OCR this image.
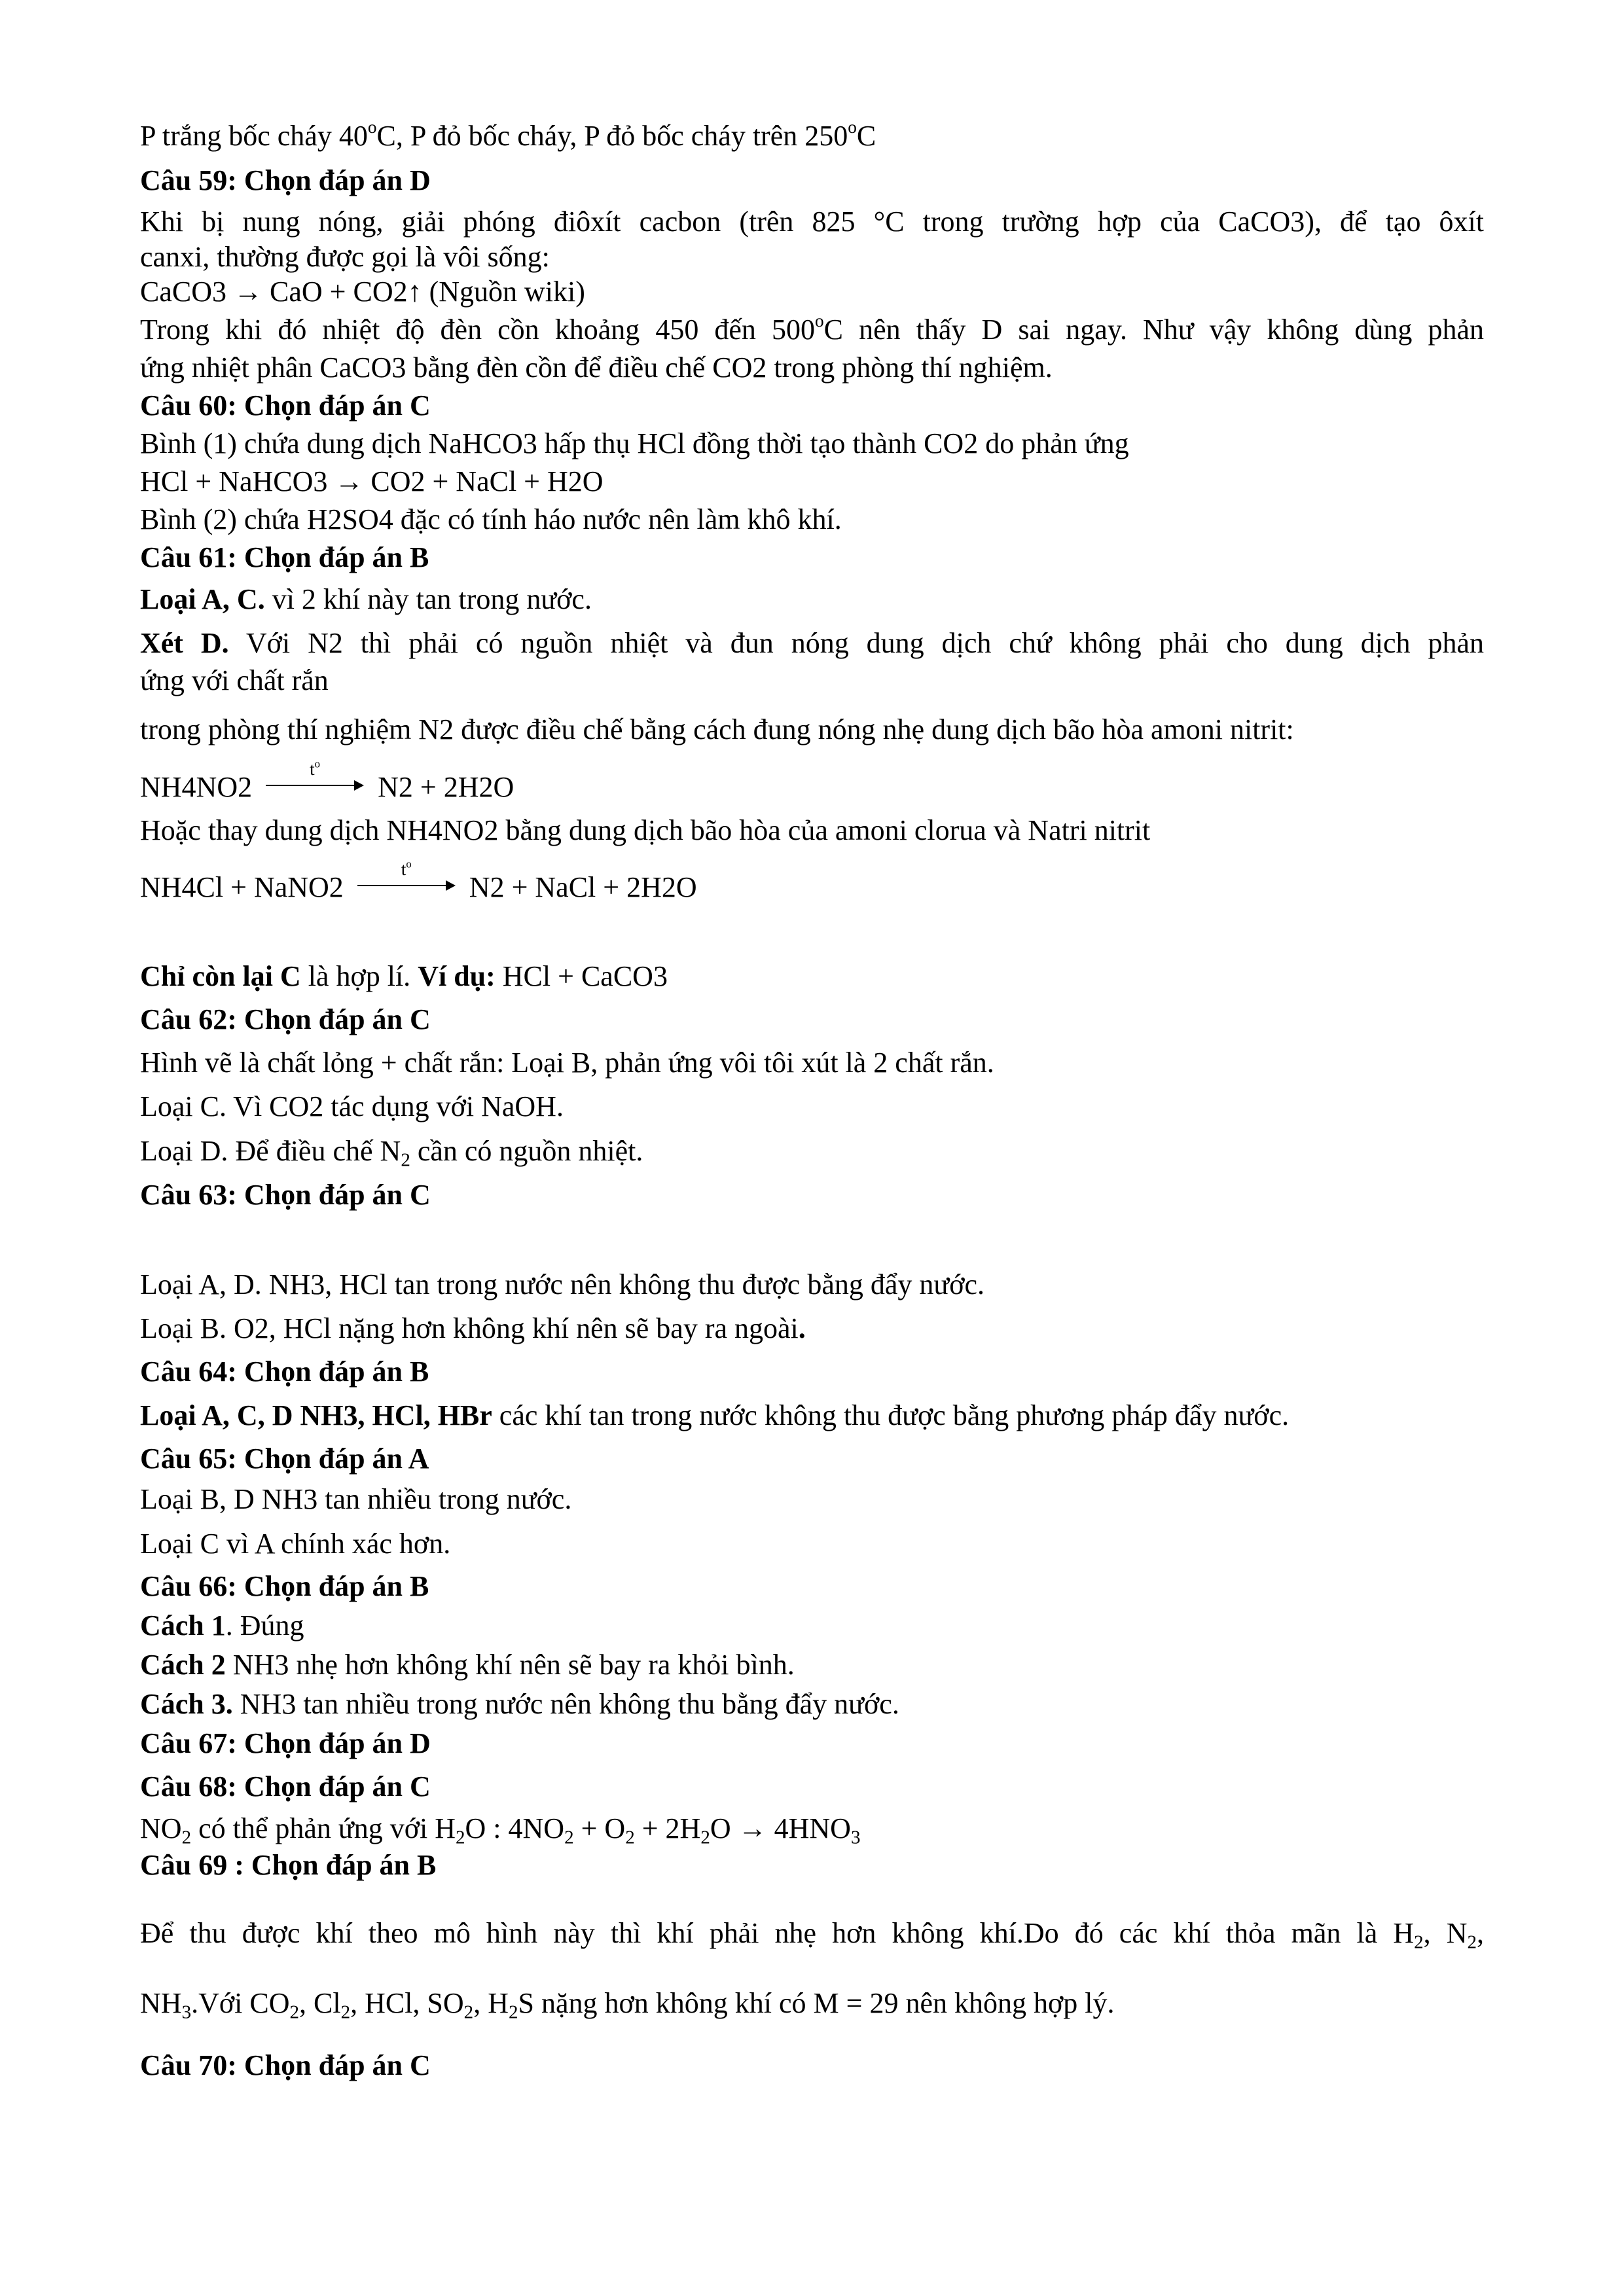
P trắng bốc cháy 40$^o$C, P đỏ bốc cháy, P đỏ bốc cháy trên 250$^o$C
Câu 59: Chọn đáp án D
Khi bị nung nóng, giải phóng điôxít cacbon (trên 825 °C trong trường hợp của CaCO3), để tạo ôxít
canxi, thường được gọi là vôi sống:
CaCO3 → CaO + CO2↑ (Nguồn wiki)
Trong khi đó nhiệt độ đèn cồn khoảng 450 đến 500$^o$C nên thấy D sai ngay. Như vậy không dùng phản
ứng nhiệt phân CaCO3 bằng đèn cồn để điều chế CO2 trong phòng thí nghiệm.
Câu 60: Chọn đáp án C
Bình (1) chứa dung dịch NaHCO3 hấp thụ HCl đồng thời tạo thành CO2 do phản ứng
HCl + NaHCO3 → CO2 + NaCl + H2O
Bình (2) chứa H2SO4 đặc có tính háo nước nên làm khô khí.
Câu 61: Chọn đáp án B
Loại A, C. vì 2 khí này tan trong nước.
Xét D. Với N2 thì phải có nguồn nhiệt và đun nóng dung dịch chứ không phải cho dung dịch phản
ứng với chất rắn
trong phòng thí nghiệm N2 được điều chế bằng cách đung nóng nhẹ dung dịch bão hòa amoni nitrit:
NH4NO2
$t^o$
N2 + 2H2O
Hoặc thay dung dịch NH4NO2 bằng dung dịch bão hòa của amoni clorua và Natri nitrit
NH4Cl + NaNO2
$t^o$
N2 + NaCl + 2H2O
Chỉ còn lại C là hợp lí. Ví dụ: HCl + CaCO3
Câu 62: Chọn đáp án C
Hình vẽ là chất lỏng + chất rắn: Loại B, phản ứng vôi tôi xút là 2 chất rắn.
Loại C. Vì CO2 tác dụng với NaOH.
Loại D. Để điều chế $N_2$ cần có nguồn nhiệt.
Câu 63: Chọn đáp án C
Loại A, D. NH3, HCl tan trong nước nên không thu được bằng đẩy nước.
Loại B. O2, HCl nặng hơn không khí nên sẽ bay ra ngoài.
Câu 64: Chọn đáp án B
Loại A, C, D NH3, HCl, HBr các khí tan trong nước không thu được bằng phương pháp đẩy nước.
Câu 65: Chọn đáp án A
Loại B, D NH3 tan nhiều trong nước.
Loại C vì A chính xác hơn.
Câu 66: Chọn đáp án B
Cách 1. Đúng
Cách 2 NH3 nhẹ hơn không khí nên sẽ bay ra khỏi bình.
Cách 3. NH3 tan nhiều trong nước nên không thu bằng đẩy nước.
Câu 67: Chọn đáp án D
Câu 68: Chọn đáp án C
$NO_2$ có thể phản ứng với $H_2O$ : $4NO_2 + O_2 + 2H_2O \to 4HNO_3$
Câu 69 : Chọn đáp án B
Để thu được khí theo mô hình này thì khí phải nhẹ hơn không khí.Do đó các khí thỏa mãn là $H_2$, $N_2$,
$NH_3.Với$ $CO_2$, $Cl_2$, HCl, $SO_2$, $H_2S$ nặng hơn không khí có M = 29 nên không hợp lý.
Câu 70: Chọn đáp án C
